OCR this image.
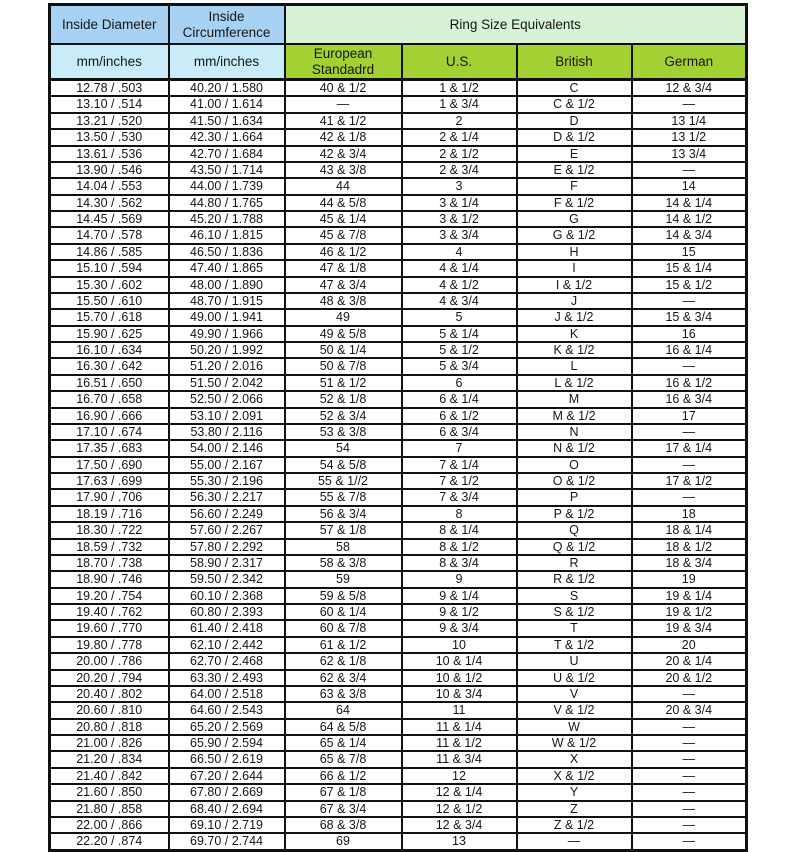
Inside Diameter	Inside Circumference	Ring Size Equivalents			
mm/inches	mm/inches	European Standadrd	U.S.	British	German
12.78 / .503	40.20 / 1.580	40 & 1/2	1 & 1/2	C	12 & 3/4
13.10 / .514	41.00 / 1.614	—	1 & 3/4	C & 1/2	—
13.21 / .520	41.50 / 1.634	41 & 1/2	2	D	13 1/4
13.50 / .530	42.30 / 1.664	42 & 1/8	2 & 1/4	D & 1/2	13 1/2
13.61 / .536	42.70 / 1.684	42 & 3/4	2 & 1/2	E	13 3/4
13.90 / .546	43.50 / 1.714	43 & 3/8	2 & 3/4	E & 1/2	—
14.04 / .553	44.00 / 1.739	44	3	F	14
14.30 / .562	44.80 / 1.765	44 & 5/8	3 & 1/4	F & 1/2	14 & 1/4
14.45 / .569	45.20 / 1.788	45 & 1/4	3 & 1/2	G	14 & 1/2
14.70 / .578	46.10 / 1.815	45 & 7/8	3 & 3/4	G & 1/2	14 & 3/4
14.86 / .585	46.50 / 1.836	46 & 1/2	4	H	15
15.10 / .594	47.40 / 1.865	47 & 1/8	4 & 1/4	I	15 & 1/4
15.30 / .602	48.00 / 1.890	47 & 3/4	4 & 1/2	I & 1/2	15 & 1/2
15.50 / .610	48.70 / 1.915	48 & 3/8	4 & 3/4	J	—
15.70 / .618	49.00 / 1.941	49	5	J & 1/2	15 & 3/4
15.90 / .625	49.90 / 1.966	49 & 5/8	5 & 1/4	K	16
16.10 / .634	50.20 / 1.992	50 & 1/4	5 & 1/2	K & 1/2	16 & 1/4
16.30 / .642	51.20 / 2.016	50 & 7/8	5 & 3/4	L	—
16.51 / .650	51.50 / 2.042	51 & 1/2	6	L & 1/2	16 & 1/2
16.70 / .658	52.50 / 2.066	52 & 1/8	6 & 1/4	M	16 & 3/4
16.90 / .666	53.10 / 2.091	52 & 3/4	6 & 1/2	M & 1/2	17
17.10 / .674	53.80 / 2.116	53 & 3/8	6 & 3/4	N	—
17.35 / .683	54.00 / 2.146	54	7	N & 1/2	17 & 1/4
17.50 / .690	55.00 / 2.167	54 & 5/8	7 & 1/4	O	—
17.63 / .699	55.30 / 2.196	55 & 1//2	7 & 1/2	O & 1/2	17 & 1/2
17.90 / .706	56.30 / 2.217	55 & 7/8	7 & 3/4	P	—
18.19 / .716	56.60 / 2.249	56 & 3/4	8	P & 1/2	18
18.30 / .722	57.60 / 2.267	57 & 1/8	8 & 1/4	Q	18 & 1/4
18.59 / .732	57.80 / 2.292	58	8 & 1/2	Q & 1/2	18 & 1/2
18.70 / .738	58.90 / 2.317	58 & 3/8	8 & 3/4	R	18 & 3/4
18.90 / .746	59.50 / 2.342	59	9	R & 1/2	19
19.20 / .754	60.10 / 2.368	59 & 5/8	9 & 1/4	S	19 & 1/4
19.40 / .762	60.80 / 2.393	60 & 1/4	9 & 1/2	S & 1/2	19 & 1/2
19.60 / .770	61.40 / 2.418	60 & 7/8	9 & 3/4	T	19 & 3/4
19.80 / .778	62.10 / 2.442	61 & 1/2	10	T & 1/2	20
20.00 / .786	62.70 / 2.468	62 & 1/8	10 & 1/4	U	20 & 1/4
20.20 / .794	63.30 / 2.493	62 & 3/4	10 & 1/2	U & 1/2	20 & 1/2
20.40 / .802	64.00 / 2.518	63 & 3/8	10 & 3/4	V	—
20.60 / .810	64.60 / 2.543	64	11	V & 1/2	20 & 3/4
20.80 / .818	65.20 / 2.569	64 & 5/8	11 & 1/4	W	—
21.00 / .826	65.90 / 2.594	65 & 1/4	11 & 1/2	W & 1/2	—
21.20 / .834	66.50 / 2.619	65 & 7/8	11 & 3/4	X	—
21.40 / .842	67.20 / 2.644	66 & 1/2	12	X & 1/2	—
21.60 / .850	67.80 / 2.669	67 & 1/8	12 & 1/4	Y	—
21.80 / .858	68.40 / 2.694	67 & 3/4	12 & 1/2	Z	—
22.00 / .866	69.10 / 2.719	68 & 3/8	12 & 3/4	Z & 1/2	—
22.20 / .874	69.70 / 2.744	69	13	—	—
